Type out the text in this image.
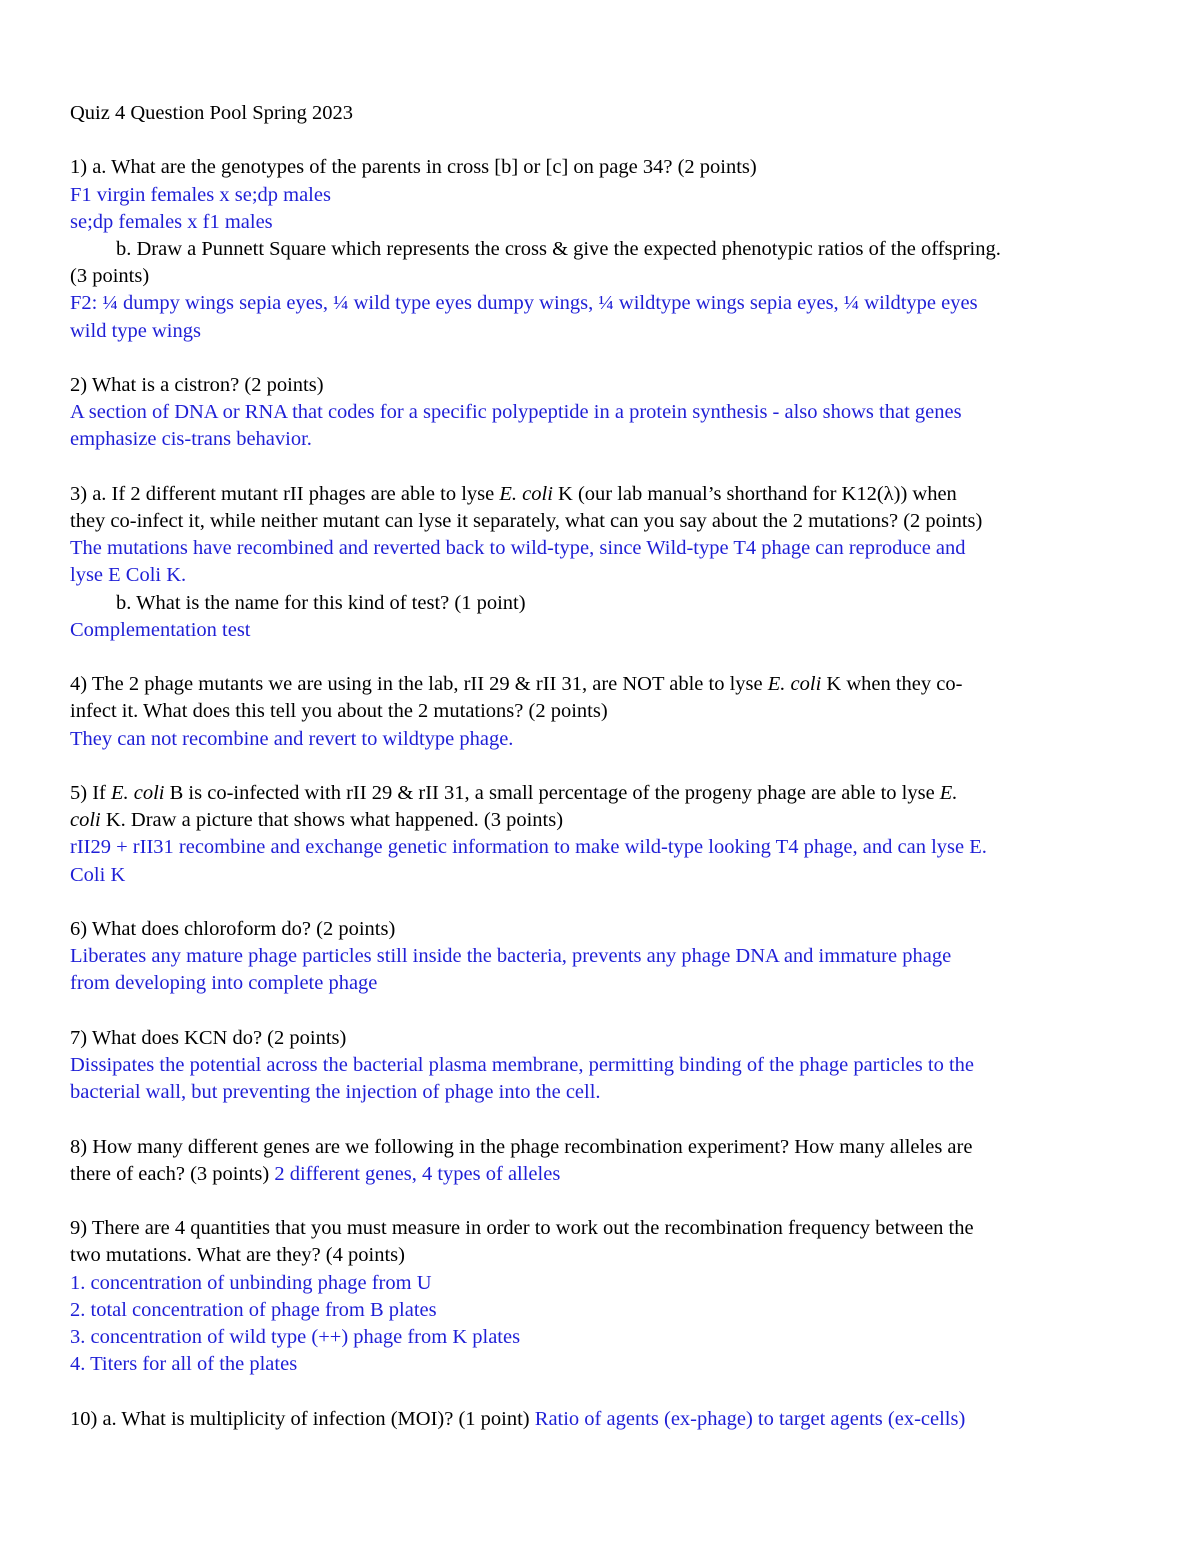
Quiz 4 Question Pool Spring 2023
1) a. What are the genotypes of the parents in cross [b] or [c] on page 34? (2 points)
F1 virgin females x se;dp males
se;dp females x f1 males
b. Draw a Punnett Square which represents the cross & give the expected phenotypic ratios of the offspring.
(3 points)
F2: ¼ dumpy wings sepia eyes, ¼ wild type eyes dumpy wings, ¼ wildtype wings sepia eyes, ¼ wildtype eyes
wild type wings
2) What is a cistron? (2 points)
A section of DNA or RNA that codes for a specific polypeptide in a protein synthesis - also shows that genes
emphasize cis-trans behavior.
3) a. If 2 different mutant rII phages are able to lyse E. coli K (our lab manual’s shorthand for K12(λ)) when
they co-infect it, while neither mutant can lyse it separately, what can you say about the 2 mutations? (2 points)
The mutations have recombined and reverted back to wild-type, since Wild-type T4 phage can reproduce and
lyse E Coli K.
b. What is the name for this kind of test? (1 point)
Complementation test
4) The 2 phage mutants we are using in the lab, rII 29 & rII 31, are NOT able to lyse E. coli K when they co-
infect it. What does this tell you about the 2 mutations? (2 points)
They can not recombine and revert to wildtype phage.
5) If E. coli B is co-infected with rII 29 & rII 31, a small percentage of the progeny phage are able to lyse E.
coli K. Draw a picture that shows what happened. (3 points)
rII29 + rII31 recombine and exchange genetic information to make wild-type looking T4 phage, and can lyse E.
Coli K
6) What does chloroform do? (2 points)
Liberates any mature phage particles still inside the bacteria, prevents any phage DNA and immature phage
from developing into complete phage
7) What does KCN do? (2 points)
Dissipates the potential across the bacterial plasma membrane, permitting binding of the phage particles to the
bacterial wall, but preventing the injection of phage into the cell.
8) How many different genes are we following in the phage recombination experiment? How many alleles are
there of each? (3 points) 2 different genes, 4 types of alleles
9) There are 4 quantities that you must measure in order to work out the recombination frequency between the
two mutations. What are they? (4 points)
1. concentration of unbinding phage from U
2. total concentration of phage from B plates
3. concentration of wild type (++) phage from K plates
4. Titers for all of the plates
10) a. What is multiplicity of infection (MOI)? (1 point) Ratio of agents (ex-phage) to target agents (ex-cells)
